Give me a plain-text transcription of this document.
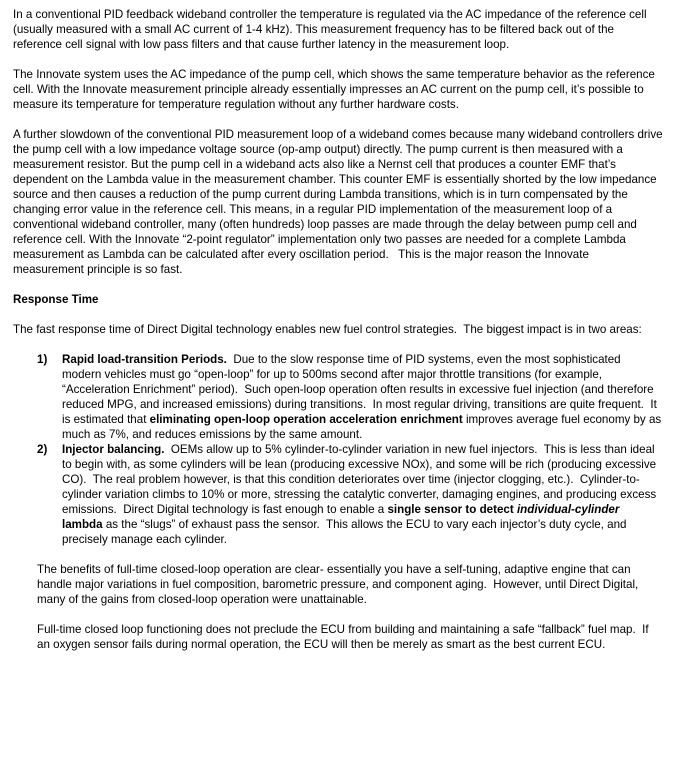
In a conventional PID feedback wideband controller the temperature is regulated via the AC impedance of the reference cell (usually measured with a small AC current of 1-4 kHz). This measurement frequency has to be filtered back out of the reference cell signal with low pass filters and that cause further latency in the measurement loop.
The Innovate system uses the AC impedance of the pump cell, which shows the same temperature behavior as the reference cell. With the Innovate measurement principle already essentially impresses an AC current on the pump cell, it’s possible to measure its temperature for temperature regulation without any further hardware costs.
A further slowdown of the conventional PID measurement loop of a wideband comes because many wideband controllers drive the pump cell with a low impedance voltage source (op-amp output) directly. The pump current is then measured with a measurement resistor. But the pump cell in a wideband acts also like a Nernst cell that produces a counter EMF that’s dependent on the Lambda value in the measurement chamber. This counter EMF is essentially shorted by the low impedance source and then causes a reduction of the pump current during Lambda transitions, which is in turn compensated by the changing error value in the reference cell. This means, in a regular PID implementation of the measurement loop of a conventional wideband controller, many (often hundreds) loop passes are made through the delay between pump cell and reference cell. With the Innovate “2-point regulator” implementation only two passes are needed for a complete Lambda measurement as Lambda can be calculated after every oscillation period.   This is the major reason the Innovate measurement principle is so fast.
Response Time
The fast response time of Direct Digital technology enables new fuel control strategies.  The biggest impact is in two areas:
1)	Rapid load-transition Periods.  Due to the slow response time of PID systems, even the most sophisticated modern vehicles must go “open-loop” for up to 500ms second after major throttle transitions (for example, “Acceleration Enrichment” period).  Such open-loop operation often results in excessive fuel injection (and therefore reduced MPG, and increased emissions) during transitions.  In most regular driving, transitions are quite frequent.  It is estimated that eliminating open-loop operation acceleration enrichment improves average fuel economy by as much as 7%, and reduces emissions by the same amount.
2)	Injector balancing.  OEMs allow up to 5% cylinder-to-cylinder variation in new fuel injectors.  This is less than ideal to begin with, as some cylinders will be lean (producing excessive NOx), and some will be rich (producing excessive CO).  The real problem however, is that this condition deteriorates over time (injector clogging, etc.).  Cylinder-to-cylinder variation climbs to 10% or more, stressing the catalytic converter, damaging engines, and producing excess emissions.  Direct Digital technology is fast enough to enable a single sensor to detect individual-cylinder lambda as the “slugs” of exhaust pass the sensor.  This allows the ECU to vary each injector’s duty cycle, and precisely manage each cylinder.
The benefits of full-time closed-loop operation are clear- essentially you have a self-tuning, adaptive engine that can handle major variations in fuel composition, barometric pressure, and component aging.  However, until Direct Digital, many of the gains from closed-loop operation were unattainable.
Full-time closed loop functioning does not preclude the ECU from building and maintaining a safe “fallback” fuel map.  If an oxygen sensor fails during normal operation, the ECU will then be merely as smart as the best current ECU.
